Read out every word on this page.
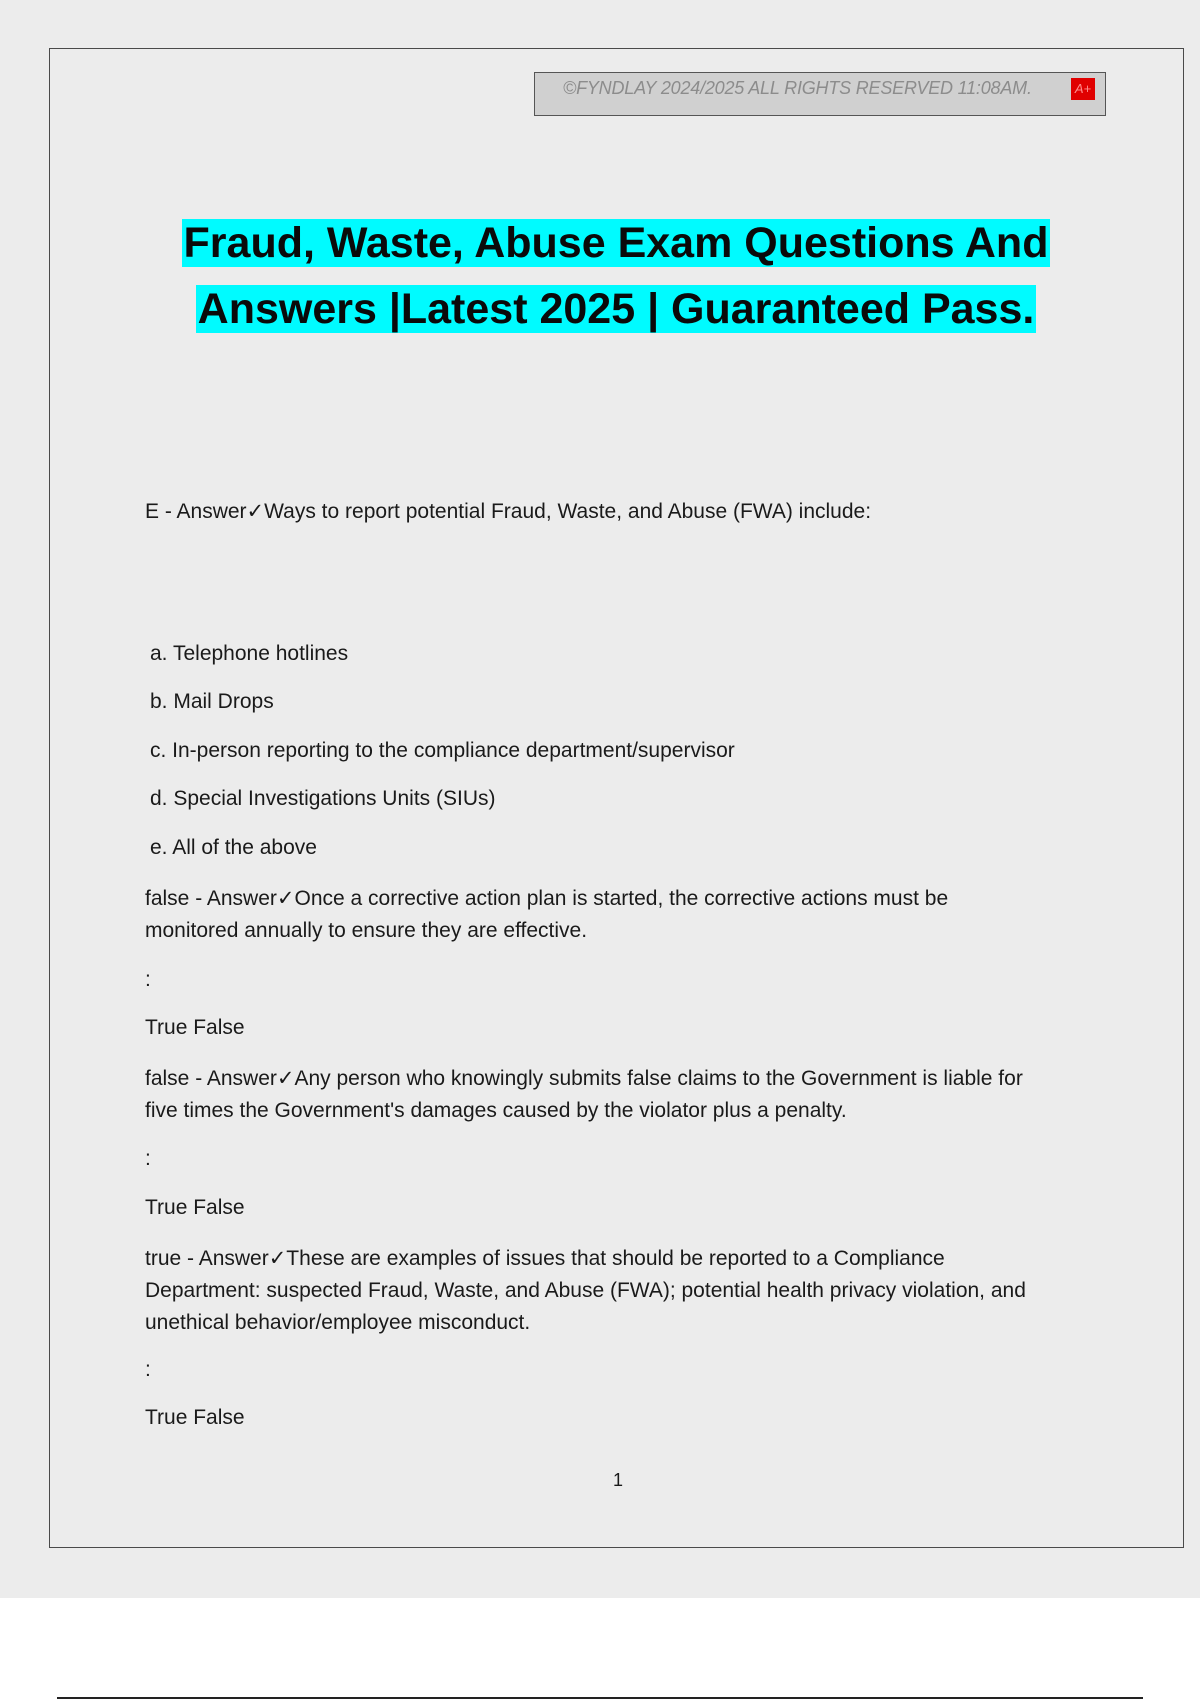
©FYNDLAY 2024/2025 ALL RIGHTS RESERVED 11:08AM.	A+
Fraud, Waste, Abuse Exam Questions And
Answers |Latest 2025 | Guaranteed Pass.

E - Answer✓Ways to report potential Fraud, Waste, and Abuse (FWA) include:

a. Telephone hotlines
b. Mail Drops
c. In-person reporting to the compliance department/supervisor
d. Special Investigations Units (SIUs)
e. All of the above

false - Answer✓Once a corrective action plan is started, the corrective actions must be

monitored annually to ensure they are effective.

:

True False

false - Answer✓Any person who knowingly submits false claims to the Government is liable for

five times the Government's damages caused by the violator plus a penalty.

:

True False

true - Answer✓These are examples of issues that should be reported to a Compliance

Department: suspected Fraud, Waste, and Abuse (FWA); potential health privacy violation, and

unethical behavior/employee misconduct.

:

True False

1
